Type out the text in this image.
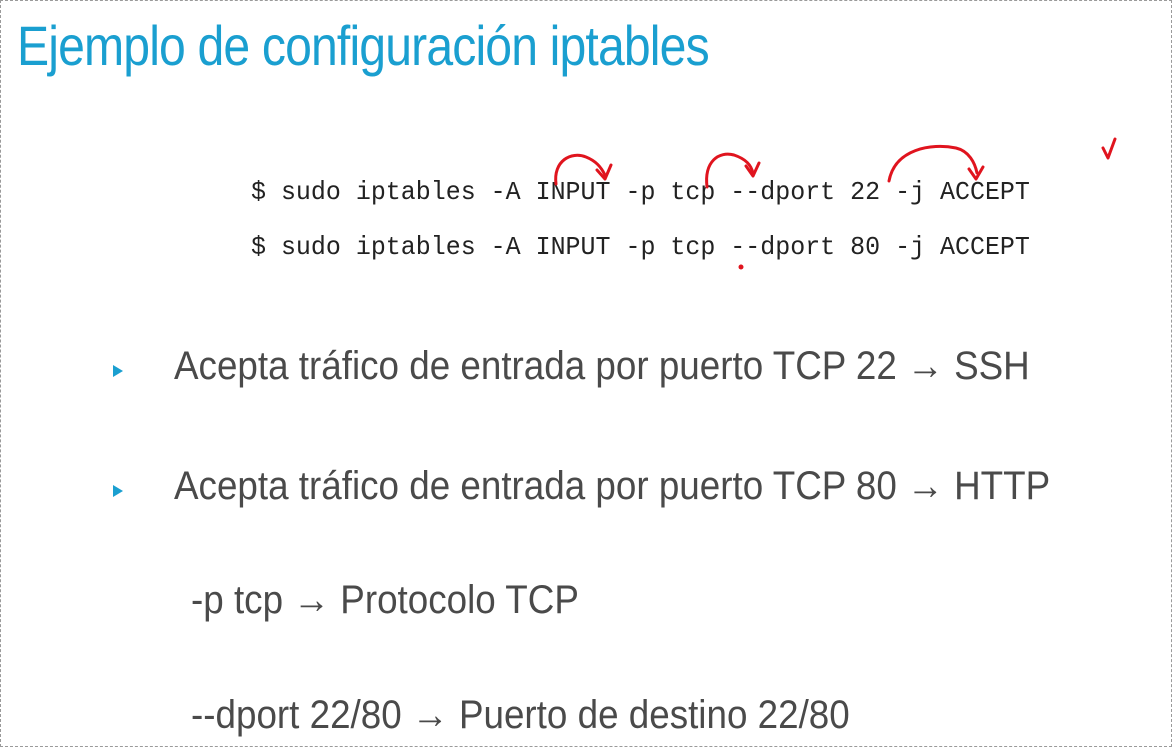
Ejemplo de configuración iptables
$ sudo iptables -A INPUT -p tcp --dport 22 -j ACCEPT
$ sudo iptables -A INPUT -p tcp --dport 80 -j ACCEPT
Acepta tráfico de entrada por puerto TCP 22 → SSH
Acepta tráfico de entrada por puerto TCP 80 → HTTP
-p tcp → Protocolo TCP
--dport 22/80 → Puerto de destino 22/80
